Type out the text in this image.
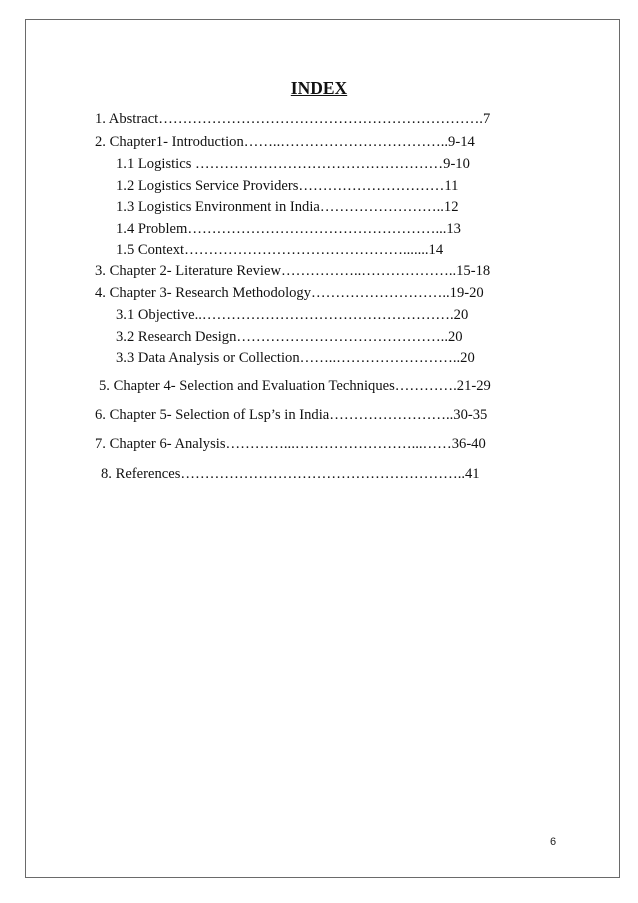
INDEX
1. Abstract………………………………………………………….7
2. Chapter1- Introduction……..……………………………..9-14
1.1 Logistics ……………………………………………9-10
1.2 Logistics Service Providers…………………………11
1.3 Logistics Environment in India……………………..12
1.4 Problem……………………………………………...13
1.5 Context……………………………………….......14
3. Chapter 2- Literature Review……………..………………..15-18
4. Chapter 3- Research Methodology………………………..19-20
3.1 Objective..…………………………………………….20
3.2 Research Design……………………………………..20
3.3 Data Analysis or Collection……..……………………..20
5. Chapter 4- Selection and Evaluation Techniques………….21-29
6. Chapter 5- Selection of Lsp’s in India……………………..30-35
7. Chapter 6- Analysis…………...……………………...……36-40
8. References…………………………………………………..41
6
